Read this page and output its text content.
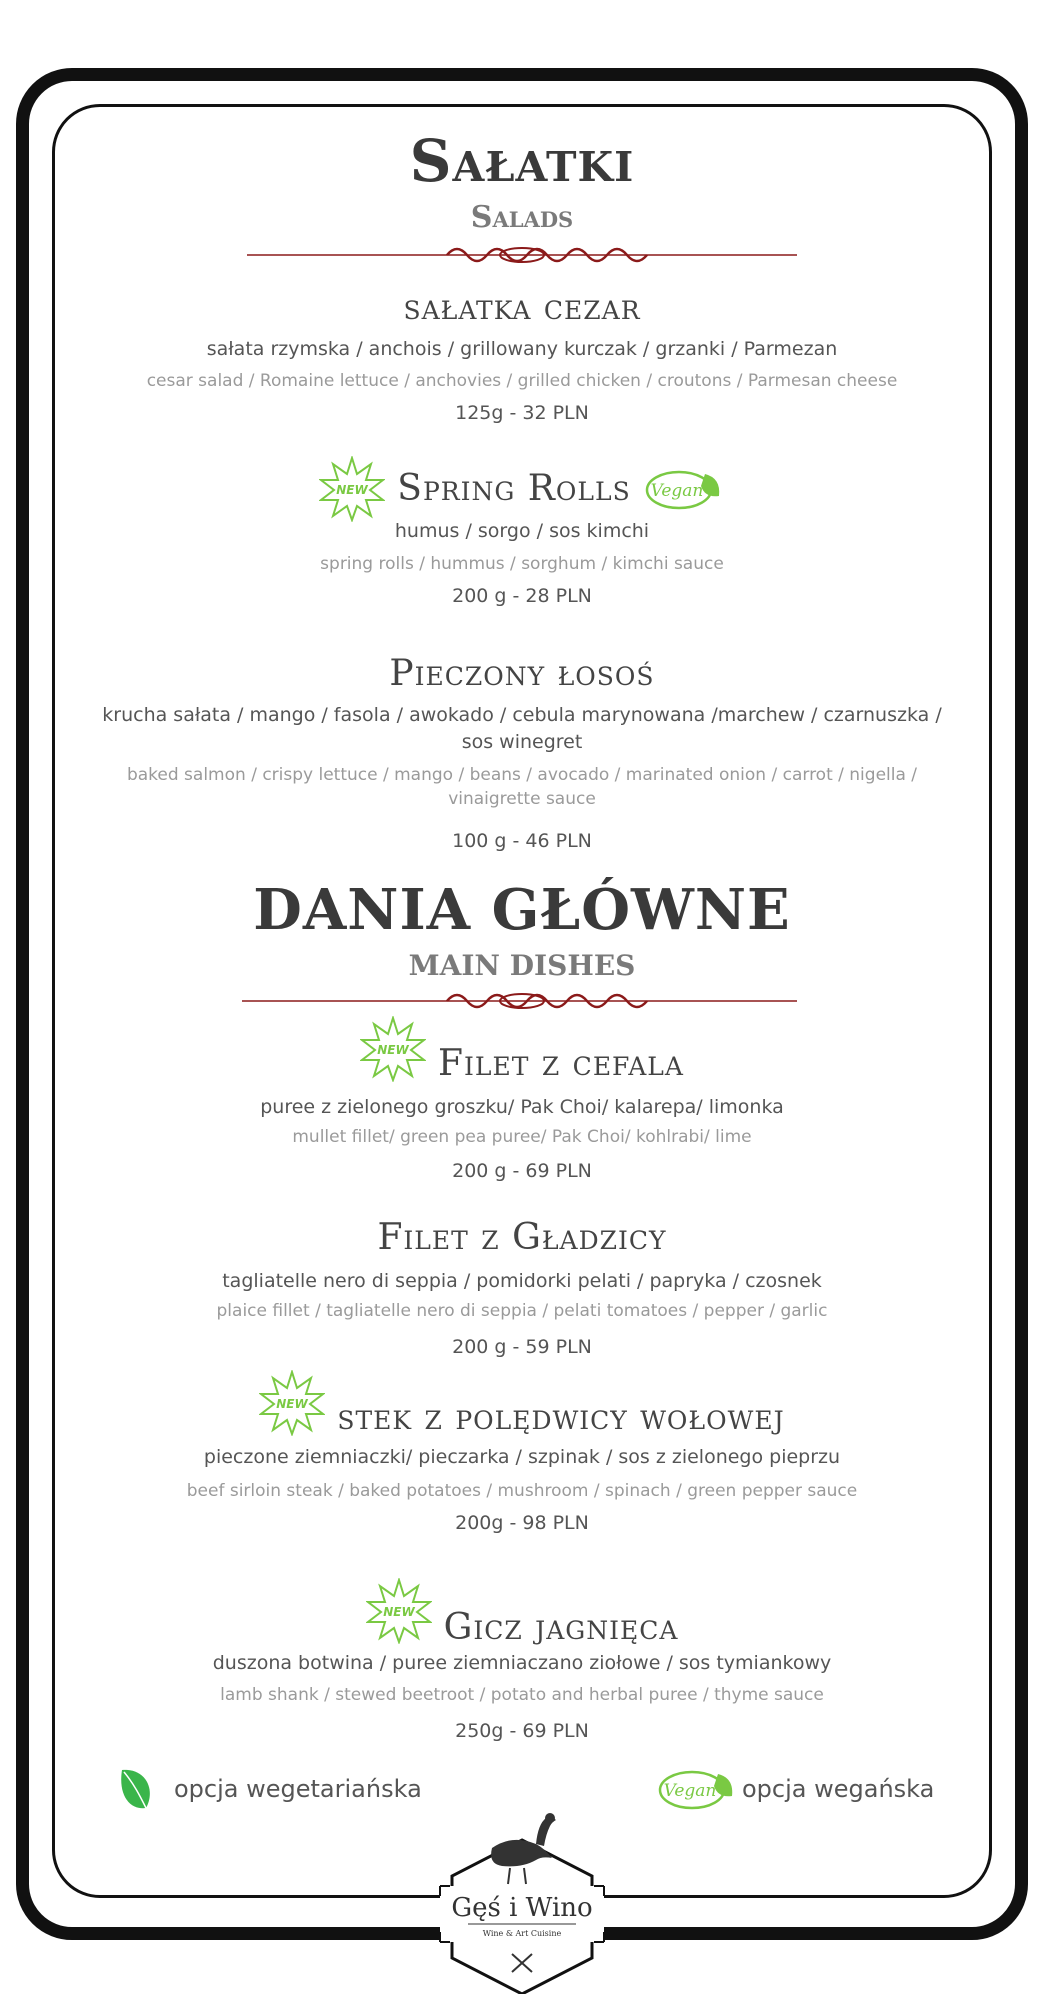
Sałatki
Salads
sałatka cezar
sałata rzymska / anchois / grillowany kurczak / grzanki / Parmezan
cesar salad / Romaine lettuce / anchovies / grilled chicken / croutons / Parmesan cheese
125g - 32 PLN
NEW Spring Rolls Vegan
humus / sorgo / sos kimchi
spring rolls / hummus / sorghum / kimchi sauce
200 g - 28 PLN
Pieczony łosoś
krucha sałata / mango / fasola / awokado / cebula marynowana /marchew / czarnuszka / sos winegret
baked salmon / crispy lettuce / mango / beans / avocado / marinated onion / carrot / nigella / vinaigrette sauce
100 g - 46 PLN
DANIA GŁÓWNE
MAIN DISHES
NEW Filet z cefala
puree z zielonego groszku/ Pak Choi/ kalarepa/ limonka
mullet fillet/ green pea puree/ Pak Choi/ kohlrabi/ lime
200 g - 69 PLN
Filet z Gładzicy
tagliatelle nero di seppia / pomidorki pelati / papryka / czosnek
plaice fillet / tagliatelle nero di seppia / pelati tomatoes / pepper / garlic
200 g - 59 PLN
NEW stek z polędwicy wołowej
pieczone ziemniaczki/ pieczarka / szpinak / sos z zielonego pieprzu
beef sirloin steak / baked potatoes / mushroom / spinach / green pepper sauce
200g - 98 PLN
NEW Gicz jagnięca
duszona botwina / puree ziemniaczano ziołowe / sos tymiankowy
lamb shank / stewed beetroot / potato and herbal puree / thyme sauce
250g - 69 PLN
opcja wegetariańska	Vegan opcja wegańska
Gęś i Wino
Wine & Art Cuisine
